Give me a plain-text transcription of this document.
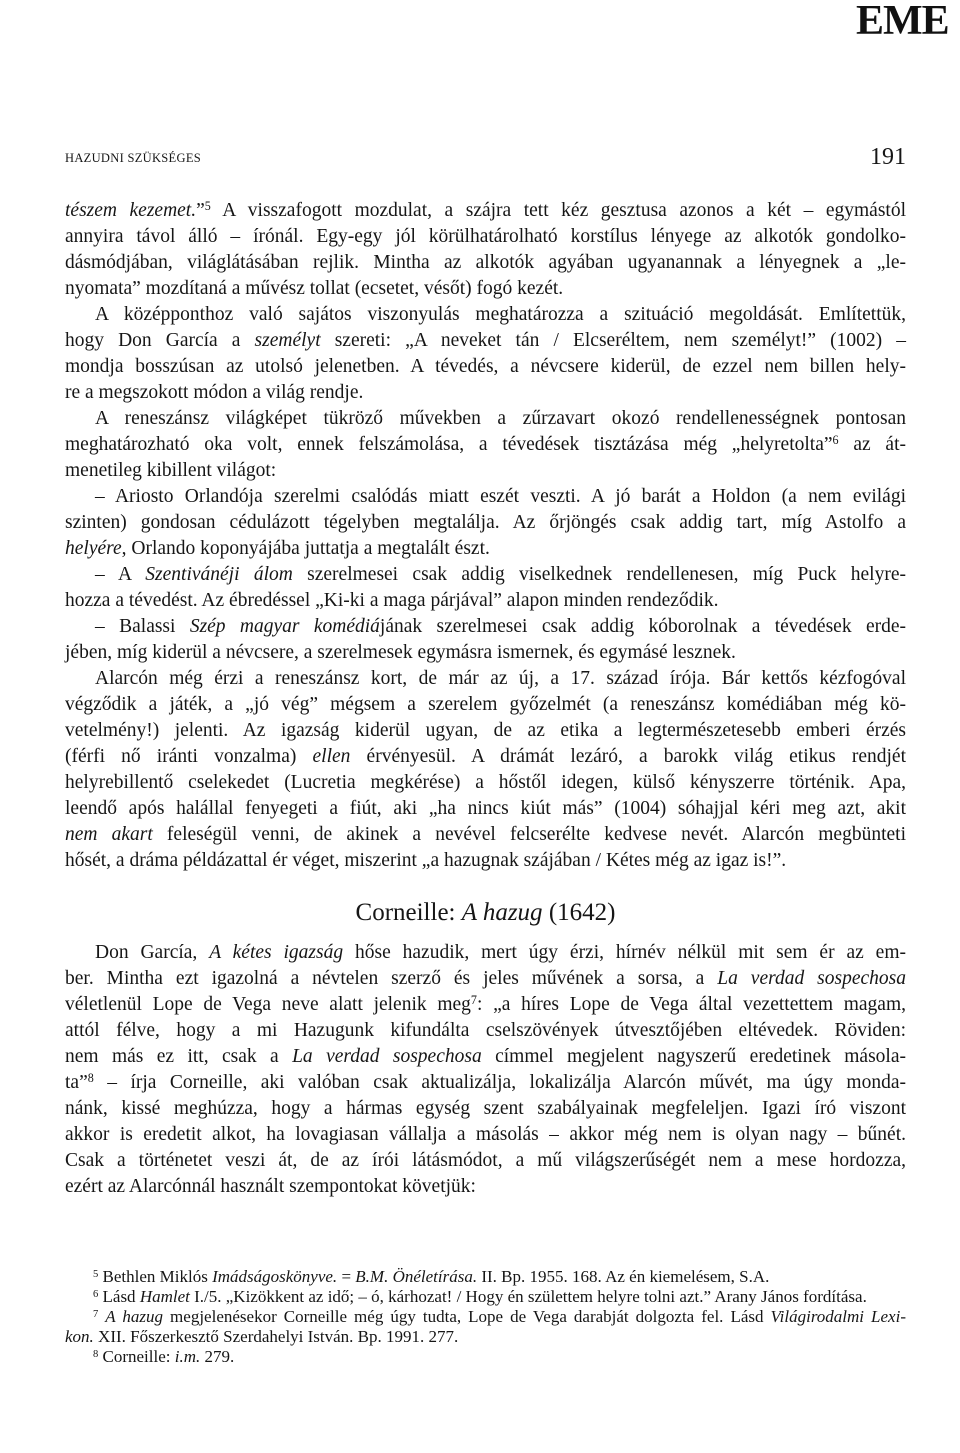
EME
HAZUDNI SZÜKSÉGES	191
tészem kezemet.”$^5$ A visszafogott mozdulat, a szájra tett kéz gesztusa azonos a két – egymástól
annyira távol álló – írónál. Egy-egy jól körülhatárolható korstílus lényege az alkotók gondolko-
dásmódjában, világlátásában rejlik. Mintha az alkotók agyában ugyanannak a lényegnek a „le-
nyomata” mozdítaná a művész tollat (ecsetet, vésőt) fogó kezét.
A középponthoz való sajátos viszonyulás meghatározza a szituáció megoldását. Említettük,
hogy Don García a személyt szereti: „A neveket tán / Elcseréltem, nem személyt!” (1002) –
mondja bosszúsan az utolsó jelenetben. A tévedés, a névcsere kiderül, de ezzel nem billen hely-
re a megszokott módon a világ rendje.
A reneszánsz világképet tükröző művekben a zűrzavart okozó rendellenességnek pontosan
meghatározható oka volt, ennek felszámolása, a tévedések tisztázása még „helyretolta”$^6$ az át-
menetileg kibillent világot:
– Ariosto Orlandója szerelmi csalódás miatt eszét veszti. A jó barát a Holdon (a nem evilági
szinten) gondosan cédulázott tégelyben megtalálja. Az őrjöngés csak addig tart, míg Astolfo a
helyére, Orlando koponyájába juttatja a megtalált észt.
– A Szentivánéji álom szerelmesei csak addig viselkednek rendellenesen, míg Puck helyre-
hozza a tévedést. Az ébredéssel „Ki-ki a maga párjával” alapon minden rendeződik.
– Balassi Szép magyar komédiájának szerelmesei csak addig kóborolnak a tévedések erde-
jében, míg kiderül a névcsere, a szerelmesek egymásra ismernek, és egymásé lesznek.
Alarcón még érzi a reneszánsz kort, de már az új, a 17. század írója. Bár kettős kézfogóval
végződik a játék, a „jó vég” mégsem a szerelem győzelmét (a reneszánsz komédiában még kö-
vetelmény!) jelenti. Az igazság kiderül ugyan, de az etika a legtermészetesebb emberi érzés
(férfi nő iránti vonzalma) ellen érvényesül. A drámát lezáró, a barokk világ etikus rendjét
helyrebillentő cselekedet (Lucretia megkérése) a hőstől idegen, külső kényszerre történik. Apa,
leendő após halállal fenyegeti a fiút, aki „ha nincs kiút más” (1004) sóhajjal kéri meg azt, akit
nem akart feleségül venni, de akinek a nevével felcserélte kedvese nevét. Alarcón megbünteti
hősét, a dráma példázattal ér véget, miszerint „a hazugnak szájában / Kétes még az igaz is!”.
Corneille: A hazug (1642)
Don García, A kétes igazság hőse hazudik, mert úgy érzi, hírnév nélkül mit sem ér az em-
ber. Mintha ezt igazolná a névtelen szerző és jeles művének a sorsa, a La verdad sospechosa
véletlenül Lope de Vega neve alatt jelenik meg$^7$: „a híres Lope de Vega által vezettettem magam,
attól félve, hogy a mi Hazugunk kifundálta cselszövények útvesztőjében eltévedek. Röviden:
nem más ez itt, csak a La verdad sospechosa címmel megjelent nagyszerű eredetinek másola-
ta”$^8$ – írja Corneille, aki valóban csak aktualizálja, lokalizálja Alarcón művét, ma úgy monda-
nánk, kissé meghúzza, hogy a hármas egység szent szabályainak megfeleljen. Igazi író viszont
akkor is eredetit alkot, ha lovagiasan vállalja a másolás – akkor még nem is olyan nagy – bűnét.
Csak a történetet veszi át, de az írói látásmódot, a mű világszerűségét nem a mese hordozza,
ezért az Alarcónnál használt szempontokat követjük:
$^5$ Bethlen Miklós Imádságoskönyve. = B.M. Önéletírása. II. Bp. 1955. 168. Az én kiemelésem, S.A.
$^6$ Lásd Hamlet I./5. „Kizökkent az idő; – ó, kárhozat! / Hogy én születtem helyre tolni azt.” Arany János fordítása.
$^7$ A hazug megjelenésekor Corneille még úgy tudta, Lope de Vega darabját dolgozta fel. Lásd Világirodalmi Lexi-
kon. XII. Főszerkesztő Szerdahelyi István. Bp. 1991. 277.
$^8$ Corneille: i.m. 279.
